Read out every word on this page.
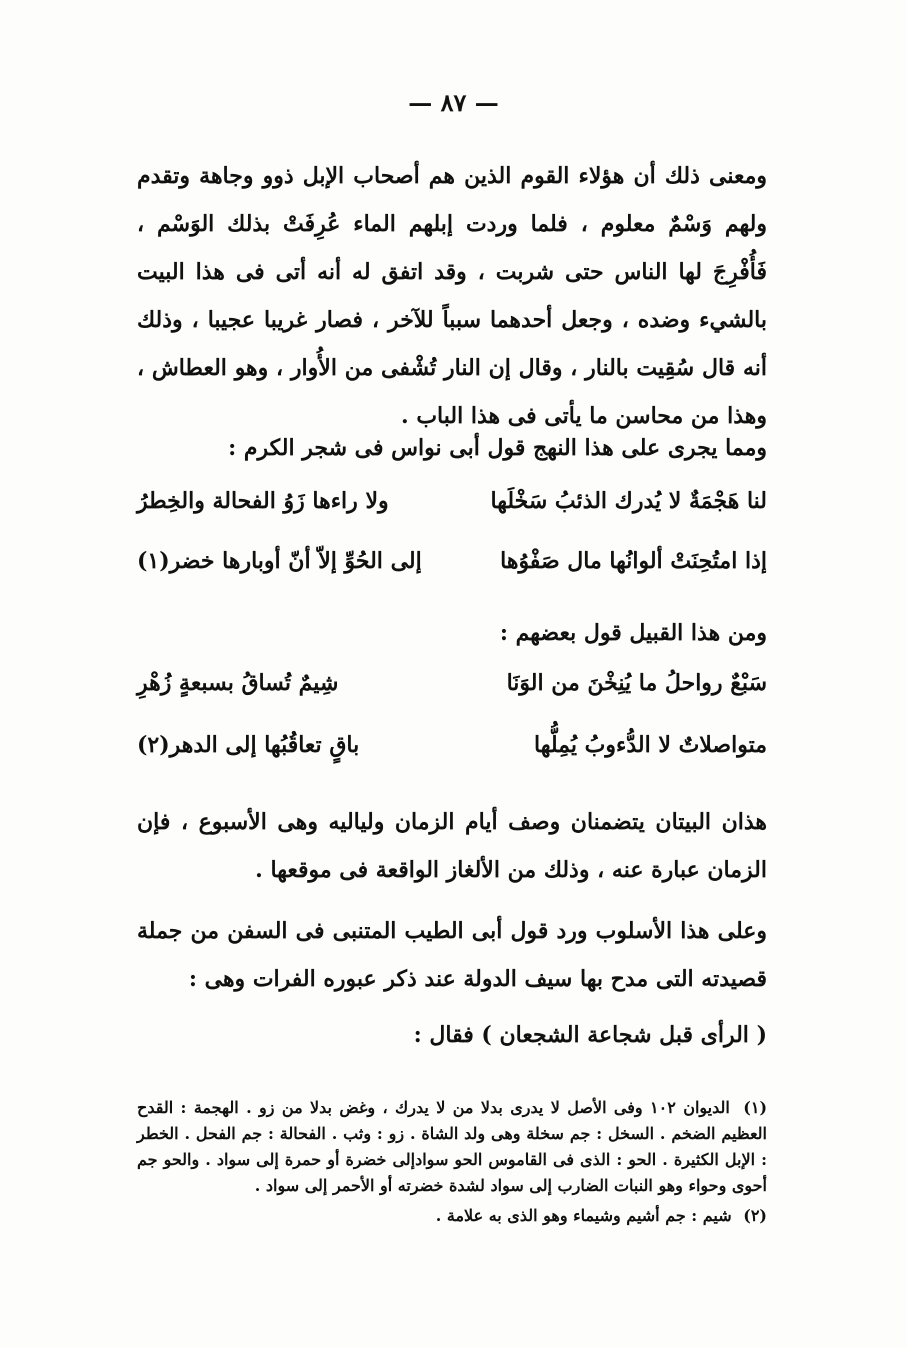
— ٨٧ —
ومعنى ذلك أن هؤلاء القوم الذين هم أصحاب الإبل ذوو وجاهة وتقدم ولهم وَسْمٌ معلوم ، فلما وردت إبلهم الماء عُرِفَتْ بذلك الوَسْم ، فَأُفْرِجَ لها الناس حتى شربت ، وقد اتفق له أنه أتى فى هذا البيت بالشيء وضده ، وجعل أحدهما سبباً للآخر ، فصار غريبا عجيبا ، وذلك أنه قال سُقِيت بالنار ، وقال إن النار تُشْفى من الأُوار ، وهو العطاش ، وهذا من محاسن ما يأتى فى هذا الباب .
ومما يجرى على هذا النهج قول أبى نواس فى شجر الكرم :
لنا هَجْمَةٌ لا يُدرك الذئبُ سَخْلَها
ولا راءها زَوُ الفحالة والخِطرُ
إذا امتُحِنَتْ ألوانُها مال صَفْوُها
إلى الحُوِّ إلاّ أنّ أوبارها خضر(١)
ومن هذا القبيل قول بعضهم :
سَبْعٌ رواحلُ ما يُنِخْنَ من الوَنَا
شِيمٌ تُساقُ بسبعةٍ زُهْرِ
متواصلاتٌ لا الدُّءوبُ يُمِلُّها
باقٍ تعاقُبُها إلى الدهر(٢)
هذان البيتان يتضمنان وصف أيام الزمان ولياليه وهى الأسبوع ، فإن الزمان عبارة عنه ، وذلك من الألغاز الواقعة فى موقعها .
وعلى هذا الأسلوب ورد قول أبى الطيب المتنبى فى السفن من جملة قصيدته التى مدح بها سيف الدولة عند ذكر عبوره الفرات وهى :
( الرأى قبل شجاعة الشجعان ) فقال :

(١) الديوان ١٠٢ وفى الأصل لا يدرى بدلا من لا يدرك ، وغض بدلا من زو . الهجمة : القدح العظيم الضخم . السخل : جم سخلة وهى ولد الشاة . زو : وثب . الفحالة : جم الفحل . الخطر : الإبل الكثيرة . الحو : الذى فى القاموس الحو سوادإلى خضرة أو حمرة إلى سواد . والحو جم أحوى وحواء وهو النبات الضارب إلى سواد لشدة خضرته أو الأحمر إلى سواد .

(٢) شيم : جم أشيم وشيماء وهو الذى به علامة .
